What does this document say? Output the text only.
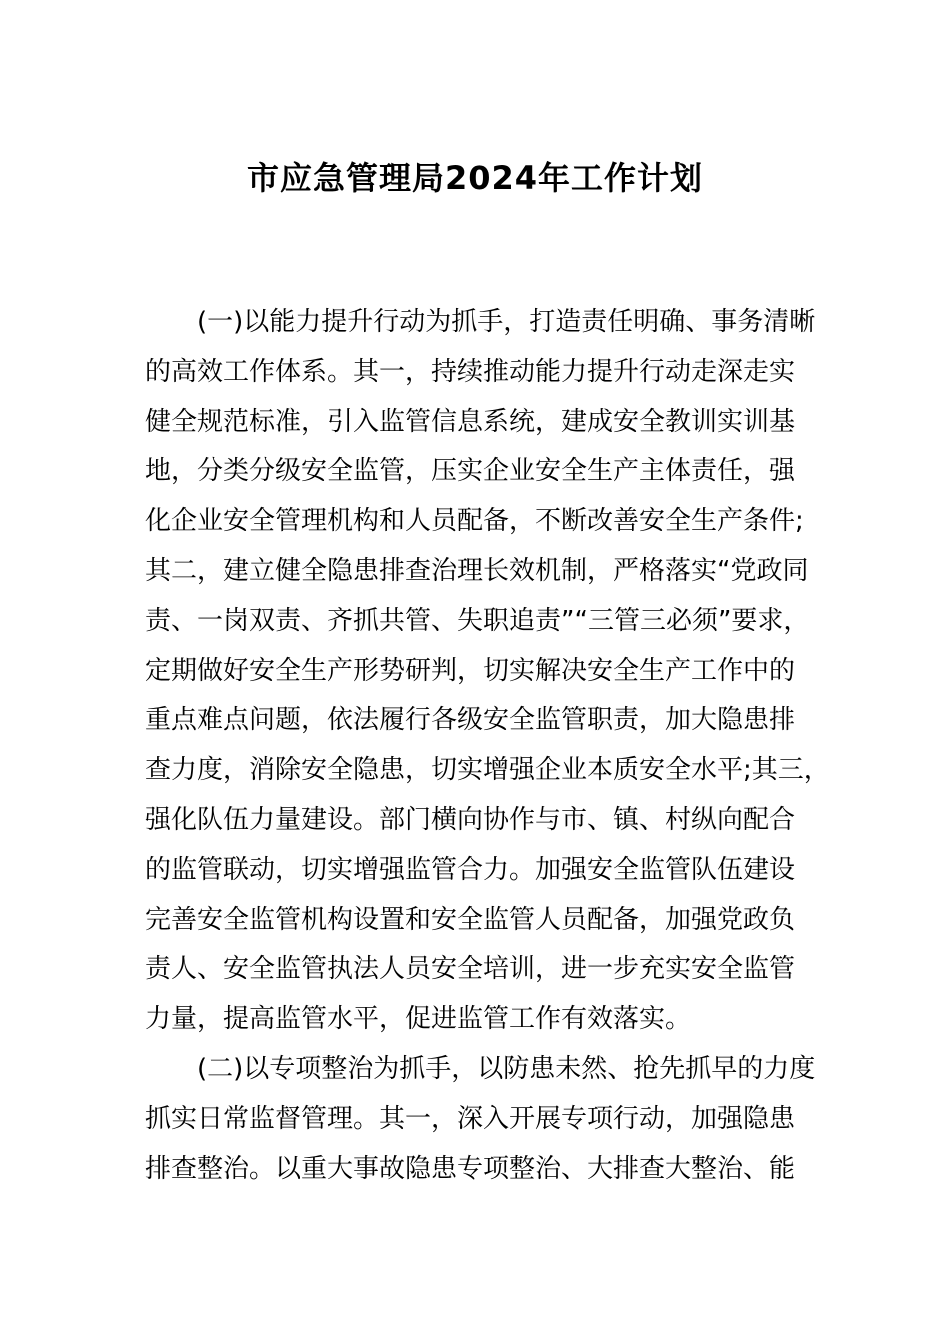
市应急管理局2024年工作计划
(一)以能力提升行动为抓手，打造责任明确、事务清晰
的高效工作体系。其一，持续推动能力提升行动走深走实
健全规范标准，引入监管信息系统，建成安全教训实训基
地，分类分级安全监管，压实企业安全生产主体责任，强
化企业安全管理机构和人员配备，不断改善安全生产条件;
其二，建立健全隐患排查治理长效机制，严格落实“党政同
责、一岗双责、齐抓共管、失职追责”“三管三必须”要求，
定期做好安全生产形势研判，切实解决安全生产工作中的
重点难点问题，依法履行各级安全监管职责，加大隐患排
查力度，消除安全隐患，切实增强企业本质安全水平;其三，
强化队伍力量建设。部门横向协作与市、镇、村纵向配合
的监管联动，切实增强监管合力。加强安全监管队伍建设
完善安全监管机构设置和安全监管人员配备，加强党政负
责人、安全监管执法人员安全培训，进一步充实安全监管
力量，提高监管水平，促进监管工作有效落实。
(二)以专项整治为抓手，以防患未然、抢先抓早的力度
抓实日常监督管理。其一，深入开展专项行动，加强隐患
排查整治。以重大事故隐患专项整治、大排查大整治、能
